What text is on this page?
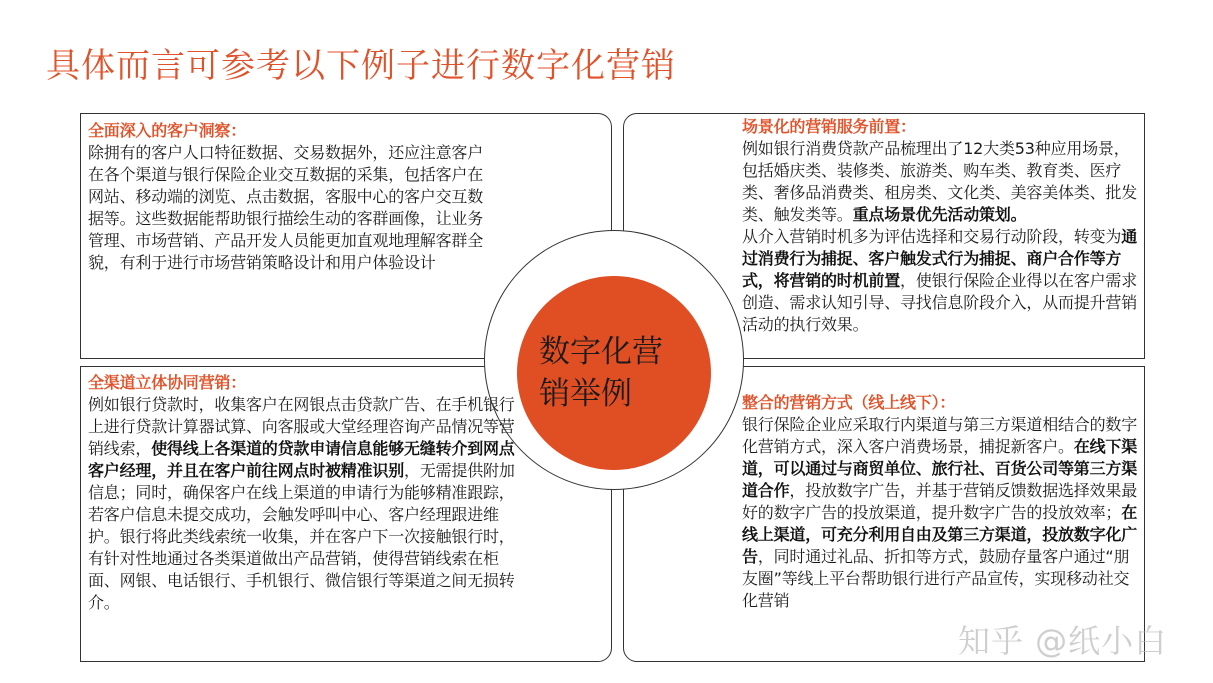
具体而言可参考以下例子进行数字化营销
数字化营
销举例
全面深入的客户洞察：
除拥有的客户人口特征数据、交易数据外，还应注意客户在各个渠道与银行保险企业交互数据的采集，包括客户在网站、移动端的浏览、点击数据，客服中心的客户交互数据等。这些数据能帮助银行描绘生动的客群画像，让业务管理、市场营销、产品开发人员能更加直观地理解客群全貌，有利于进行市场营销策略设计和用户体验设计
场景化的营销服务前置：
例如银行消费贷款产品梳理出了12大类53种应用场景，包括婚庆类、装修类、旅游类、购车类、教育类、医疗类、奢侈品消费类、租房类、文化类、美容美体类、批发类、触发类等。重点场景优先活动策划。
从介入营销时机多为评估选择和交易行动阶段，转变为通过消费行为捕捉、客户触发式行为捕捉、商户合作等方式，将营销的时机前置，使银行保险企业得以在客户需求创造、需求认知引导、寻找信息阶段介入，从而提升营销活动的执行效果。
全渠道立体协同营销：
例如银行贷款时，收集客户在网银点击贷款广告、在手机银行上进行贷款计算器试算、向客服或大堂经理咨询产品情况等营销线索，使得线上各渠道的贷款申请信息能够无缝转介到网点客户经理，并且在客户前往网点时被精准识别，无需提供附加信息；同时，确保客户在线上渠道的申请行为能够精准跟踪，若客户信息未提交成功，会触发呼叫中心、客户经理跟进维护。银行将此类线索统一收集，并在客户下一次接触银行时，有针对性地通过各类渠道做出产品营销，使得营销线索在柜面、网银、电话银行、手机银行、微信银行等渠道之间无损转介。
整合的营销方式（线上线下）：
银行保险企业应采取行内渠道与第三方渠道相结合的数字化营销方式，深入客户消费场景，捕捉新客户。在线下渠道，可以通过与商贸单位、旅行社、百货公司等第三方渠道合作，投放数字广告，并基于营销反馈数据选择效果最好的数字广告的投放渠道，提升数字广告的投放效率；在线上渠道，可充分利用自由及第三方渠道，投放数字化广告，同时通过礼品、折扣等方式，鼓励存量客户通过“朋友圈”等线上平台帮助银行进行产品宣传，实现移动社交化营销
知乎 @纸小白
